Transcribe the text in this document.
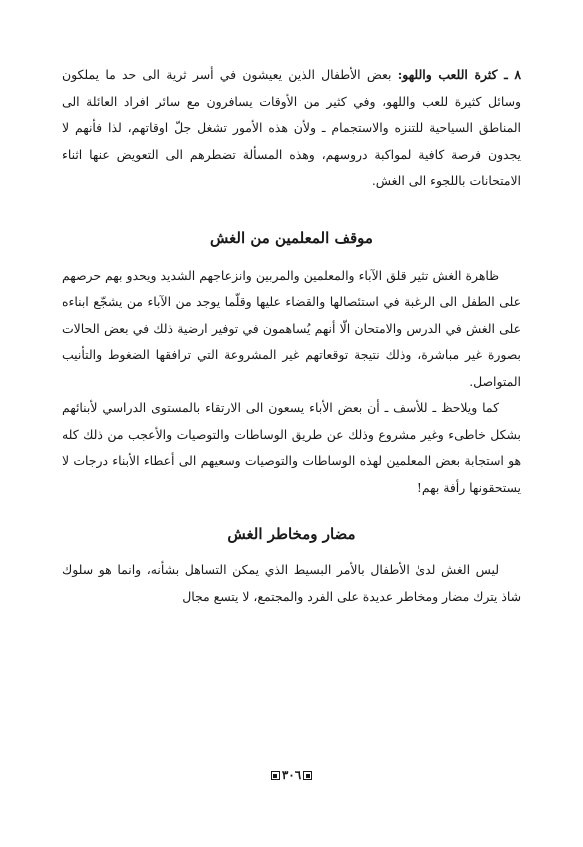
٨ ـ كثرة اللعب واللهو: بعض الأطفال الذين يعيشون في أسر ثرية الى حد ما يملكون وسائل كثيرة للعب واللهو، وفي كثير من الأوقات يسافرون مع سائر افراد العائلة الى المناطق السياحية للتنزه والاستجمام ـ ولأن هذه الأمور تشغل جلّ اوقاتهم، لذا فأنهم لا يجدون فرصة كافية لمواكبة دروسهم، وهذه المسألة تضطرهم الى التعويض عنها اثناء الامتحانات باللجوء الى الغش.

موقف المعلمين من الغش

ظاهرة الغش تثير قلق الآباء والمعلمين والمربين وانزعاجهم الشديد ويحدو بهم حرصهم على الطفل الى الرغبة في استئصالها والقضاء عليها وقلّما يوجد من الآباء من يشجّع ابناءه على الغش في الدرس والامتحان الّا أنهم يُساهمون في توفير ارضية ذلك في بعض الحالات بصورة غير مباشرة، وذلك نتيجة توقعاتهم غير المشروعة التي ترافقها الضغوط والتأنيب المتواصل.

كما ويلاحظ ـ للأسف ـ أن بعض الأباء يسعون الى الارتقاء بالمستوى الدراسي لأبنائهم بشكل خاطىء وغير مشروع وذلك عن طريق الوساطات والتوصيات والأعجب من ذلك كله هو استجابة بعض المعلمين لهذه الوساطات والتوصيات وسعيهم الى أعطاء الأبناء درجات لا يستحقونها رأفة بهم!

مضار ومخاطر الغش

ليس الغش لدىٰ الأطفال بالأمر البسيط الذي يمكن التساهل بشأنه، وانما هو سلوك شاذ يترك مضار ومخاطر عديدة على الفرد والمجتمع، لا يتسع مجال

٣٠٦
